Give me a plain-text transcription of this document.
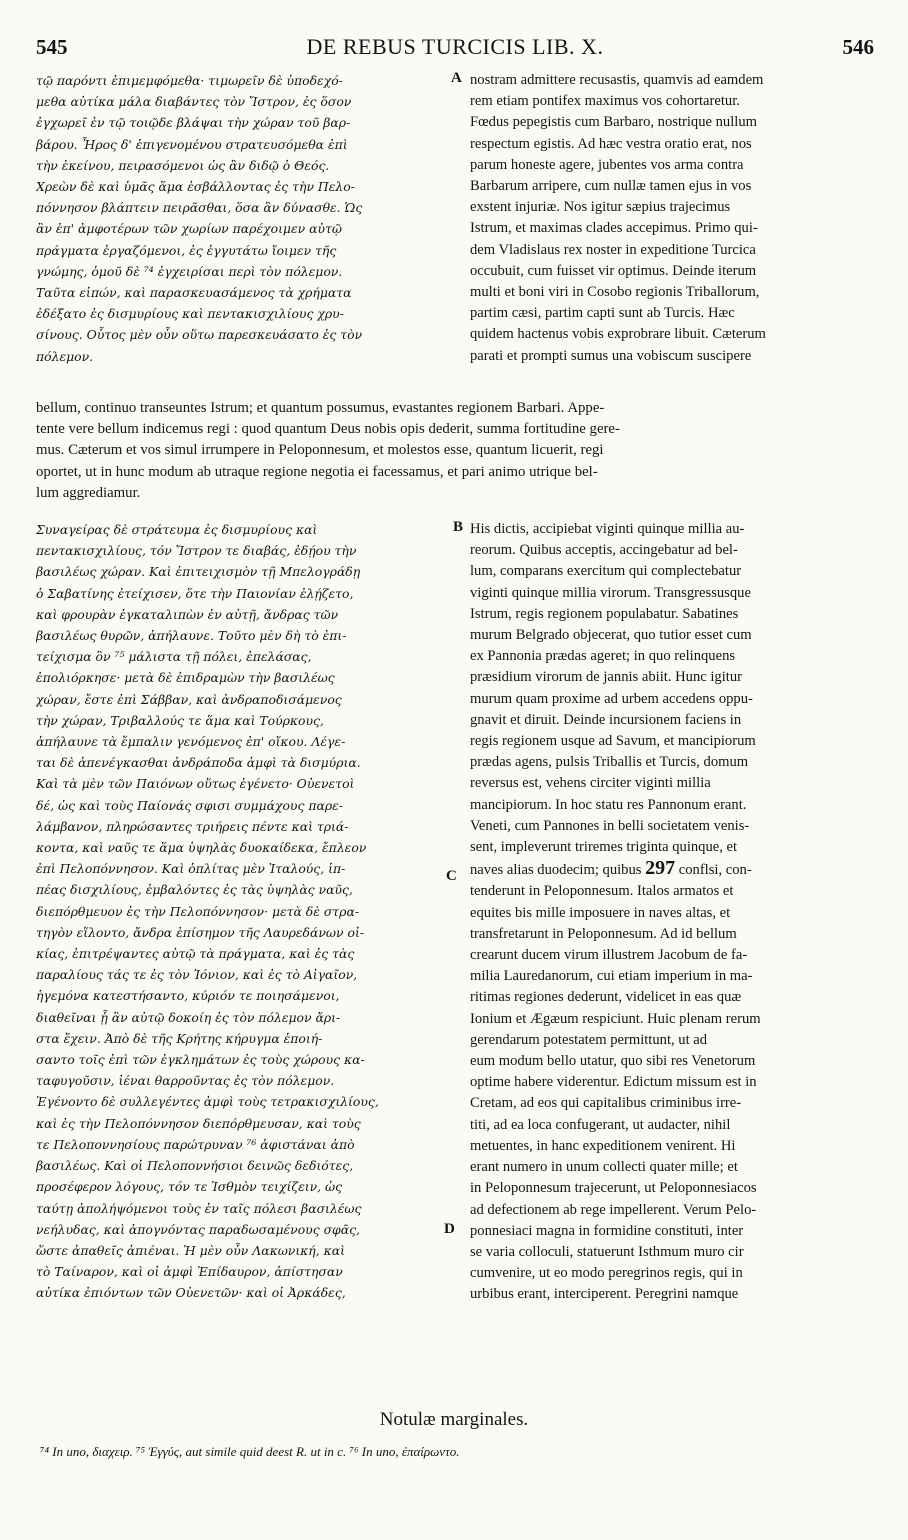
545	DE REBUS TURCICIS LIB. X.	546
τῷ παρόντι ἐπιμεμφόμεθα· τιμωρεῖν δὲ ὑποδεχό-
μεθα αὐτίκα μάλα διαβάντες τὸν Ἴστρον, ἐς ὅσον
ἐγχωρεῖ ἐν τῷ τοιῷδε βλάψαι τὴν χώραν τοῦ βαρ-
βάρου. Ἦρος δ' ἐπιγενομένου στρατευσόμεθα ἐπὶ
τὴν ἐκείνου, πειρασόμενοι ὡς ἂν διδῷ ὁ Θεός.
Χρεὼν δὲ καὶ ὑμᾶς ἅμα ἐσβάλλοντας ἐς τὴν Πελο-
πόννησον βλάπτειν πειρᾶσθαι, ὅσα ἂν δύνασθε. Ὡς
ἂν ἐπ' ἀμφοτέρων τῶν χωρίων παρέχοιμεν αὐτῷ
πράγματα ἐργαζόμενοι, ἐς ἐγγυτάτω ἴοιμεν τῆς
γνώμης, ὁμοῦ δὲ ⁷⁴ ἐγχειρίσαι περὶ τὸν πόλεμον.
Ταῦτα εἰπών, καὶ παρασκευασάμενος τὰ χρήματα
ἐδέξατο ἐς δισμυρίους καὶ πεντακισχιλίους χρυ-
σίνους. Οὗτος μὲν οὖν οὕτω παρεσκευάσατο ἐς τὸν
πόλεμον.
nostram admittere recusastis, quamvis ad eamdem
rem etiam pontifex maximus vos cohortaretur.
Fœdus pepegistis cum Barbaro, nostrique nullum
respectum egistis. Ad hæc vestra oratio erat, nos
parum honeste agere, jubentes vos arma contra
Barbarum arripere, cum nullæ tamen ejus in vos
exstent injuriæ. Nos igitur sæpius trajecimus
Istrum, et maximas clades accepimus. Primo qui-
dem Vladislaus rex noster in expeditione Turcica
occubuit, cum fuisset vir optimus. Deinde iterum
multi et boni viri in Cosobo regionis Triballorum,
partim cæsi, partim capti sunt ab Turcis. Hæc
quidem hactenus vobis exprobrare libuit. Cæterum
parati et prompti sumus una vobiscum suscipere
A
bellum, continuo transeuntes Istrum; et quantum possumus, evastantes regionem Barbari. Appe-
tente vere bellum indicemus regi : quod quantum Deus nobis opis dederit, summa fortitudine gere-
mus. Cæterum et vos simul irrumpere in Peloponnesum, et molestos esse, quantum licuerit, regi
oportet, ut in hunc modum ab utraque regione negotia ei facessamus, et pari animo utrique bel-
lum aggrediamur.
Συναγείρας δὲ στράτευμα ἐς δισμυρίους καὶ
πεντακισχιλίους, τόν Ἴστρον τε διαβάς, ἐδῄου τὴν
βασιλέως χώραν. Καὶ ἐπιτειχισμὸν τῇ Μπελογράδῃ
ὁ Σαβατίνης ἐτείχισεν, ὅτε τὴν Παιονίαν ἐλῄζετο,
καὶ φρουρὰν ἐγκαταλιπὼν ἐν αὐτῇ, ἄνδρας τῶν
βασιλέως θυρῶν, ἀπήλαυνε. Τοῦτο μὲν δὴ τὸ ἐπι-
τείχισμα ὃν ⁷⁵ μάλιστα τῇ πόλει, ἐπελάσας,
ἐπολιόρκησε· μετὰ δὲ ἐπιδραμὼν τὴν βασιλέως
χώραν, ἔστε ἐπὶ Σάββαν, καὶ ἀνδραποδισάμενος
τὴν χώραν, Τριβαλλούς τε ἅμα καὶ Τούρκους,
ἀπήλαυνε τὰ ἔμπαλιν γενόμενος ἐπ' οἴκου. Λέγε-
ται δὲ ἀπενέγκασθαι ἀνδράποδα ἀμφὶ τὰ δισμύρια.
Καὶ τὰ μὲν τῶν Παιόνων οὕτως ἐγένετο· Οὐενετοὶ
δέ, ὡς καὶ τοὺς Παίονάς σφισι συμμάχους παρε-
λάμβανον, πληρώσαντες τριήρεις πέντε καὶ τριά-
κοντα, καὶ ναῦς τε ἅμα ὑψηλὰς δυοκαίδεκα, ἔπλεον
ἐπὶ Πελοπόννησον. Καὶ ὁπλίτας μὲν Ἰταλούς, ἱπ-
πέας δισχιλίους, ἐμβαλόντες ἐς τὰς ὑψηλὰς ναῦς,
διεπόρθμευον ἐς τὴν Πελοπόννησον· μετὰ δὲ στρα-
τηγὸν εἵλοντο, ἄνδρα ἐπίσημον τῆς Λαυρεδάνων οἰ-
κίας, ἐπιτρέψαντες αὐτῷ τὰ πράγματα, καὶ ἐς τὰς
παραλίους τάς τε ἐς τὸν Ἰόνιον, καὶ ἐς τὸ Αἰγαῖον,
ἡγεμόνα κατεστήσαντο, κύριόν τε ποιησάμενοι,
διαθεῖναι ᾗ ἂν αὐτῷ δοκοίη ἐς τὸν πόλεμον ἄρι-
στα ἔχειν. Ἀπὸ δὲ τῆς Κρήτης κήρυγμα ἐποιή-
σαντο τοῖς ἐπὶ τῶν ἐγκλημάτων ἐς τοὺς χώρους κα-
ταφυγοῦσιν, ἰέναι θαρροῦντας ἐς τὸν πόλεμον.
Ἐγένοντο δὲ συλλεγέντες ἀμφὶ τοὺς τετρακισχιλίους,
καὶ ἐς τὴν Πελοπόννησον διεπόρθμευσαν, καὶ τοὺς
τε Πελοποννησίους παρώτρυναν ⁷⁶ ἀφιστάναι ἀπὸ
βασιλέως. Καὶ οἱ Πελοποννήσιοι δεινῶς δεδιότες,
προσέφερον λόγους, τόν τε Ἰσθμὸν τειχίζειν, ὡς
ταύτῃ ἀπολήψόμενοι τοὺς ἐν ταῖς πόλεσι βασιλέως
νεήλυδας, καὶ ἀπογνόντας παραδωσαμένους σφᾶς,
ὥστε ἀπαθεῖς ἀπιέναι. Ἡ μὲν οὖν Λακωνική, καὶ
τὸ Ταίναρον, καὶ οἱ ἀμφὶ Ἐπίδαυρον, ἀπίστησαν
αὐτίκα ἐπιόντων τῶν Οὐενετῶν· καὶ οἱ Ἀρκάδες,
His dictis, accipiebat viginti quinque millia au-
reorum. Quibus acceptis, accingebatur ad bel-
lum, comparans exercitum qui complectebatur
viginti quinque millia virorum. Transgressusque
Istrum, regis regionem populabatur. Sabatines
murum Belgrado objecerat, quo tutior esset cum
ex Pannonia prædas ageret; in quo relinquens
præsidium virorum de jannis abiit. Hunc igitur
murum quam proxime ad urbem accedens oppu-
gnavit et diruit. Deinde incursionem faciens in
regis regionem usque ad Savum, et mancipiorum
prædas agens, pulsis Triballis et Turcis, domum
reversus est, vehens circiter viginti millia
mancipiorum. In hoc statu res Pannonum erant.
Veneti, cum Pannones in belli societatem venis-
sent, impleverunt triremes triginta quinque, et
naves alias duodecim; quibus 297 conflsi, con-
tenderunt in Peloponnesum. Italos armatos et
equites bis mille imposuere in naves altas, et
transfretarunt in Peloponnesum. Ad id bellum
crearunt ducem virum illustrem Jacobum de fa-
milia Lauredanorum, cui etiam imperium in ma-
ritimas regiones dederunt, videlicet in eas quæ
Ionium et Ægæum respiciunt. Huic plenam rerum
gerendarum potestatem permittunt, ut ad
eum modum bello utatur, quo sibi res Venetorum
optime habere viderentur. Edictum missum est in
Cretam, ad eos qui capitalibus criminibus irre-
titi, ad ea loca confugerant, ut audacter, nihil
metuentes, in hanc expeditionem venirent. Hi
erant numero in unum collecti quater mille; et
in Peloponnesum trajecerunt, ut Peloponnesiacos
ad defectionem ab rege impellerent. Verum Pelo-
ponnesiaci magna in formidine constituti, inter
se varia colloculi, statuerunt Isthmum muro cir
cumvenire, ut eo modo peregrinos regis, qui in
urbibus erant, interciperent. Peregrini namque
B
C
D
Notulæ marginales.
⁷⁴ In uno, διαχειρ. ⁷⁵ Ἐγγύς, aut simile quid deest R. ut in c. ⁷⁶ In uno, ἐπαίρωντο.
